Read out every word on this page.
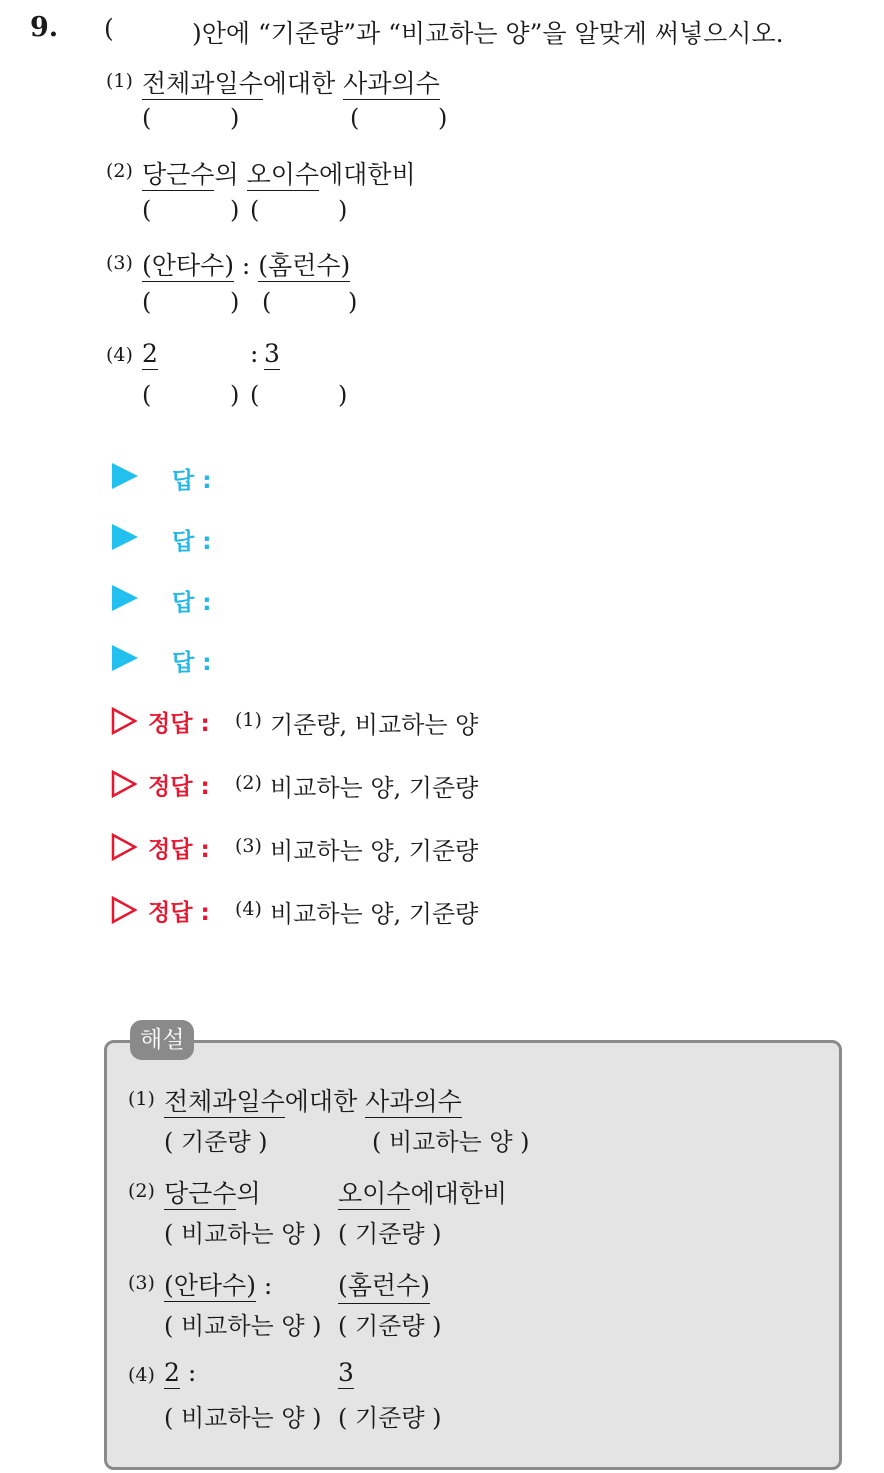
9. (	)안에 “기준량”과 “비교하는 양”을 알맞게 써넣으시오.
(1) 전체과일수에대한 사과의수
(	)	(	)
(2) 당근수의 오이수에대한비
(	) (	)
(3) (안타수) : (홈런수)
(	) (	)
(4) 2	: 3
(	) (	)
답 :
답 :
답 :
답 :
정답 : (1) 기준량, 비교하는 양
정답 : (2) 비교하는 양, 기준량
정답 : (3) 비교하는 양, 기준량
정답 : (4) 비교하는 양, 기준량
해설
(1) 전체과일수에대한 사과의수
( 기준량 )	( 비교하는 양 )
(2) 당근수의	오이수에대한비
( 비교하는 양 ) ( 기준량 )
(3) (안타수) :	(홈런수)
( 비교하는 양 ) ( 기준량 )
(4) 2 :	3
( 비교하는 양 ) ( 기준량 )
